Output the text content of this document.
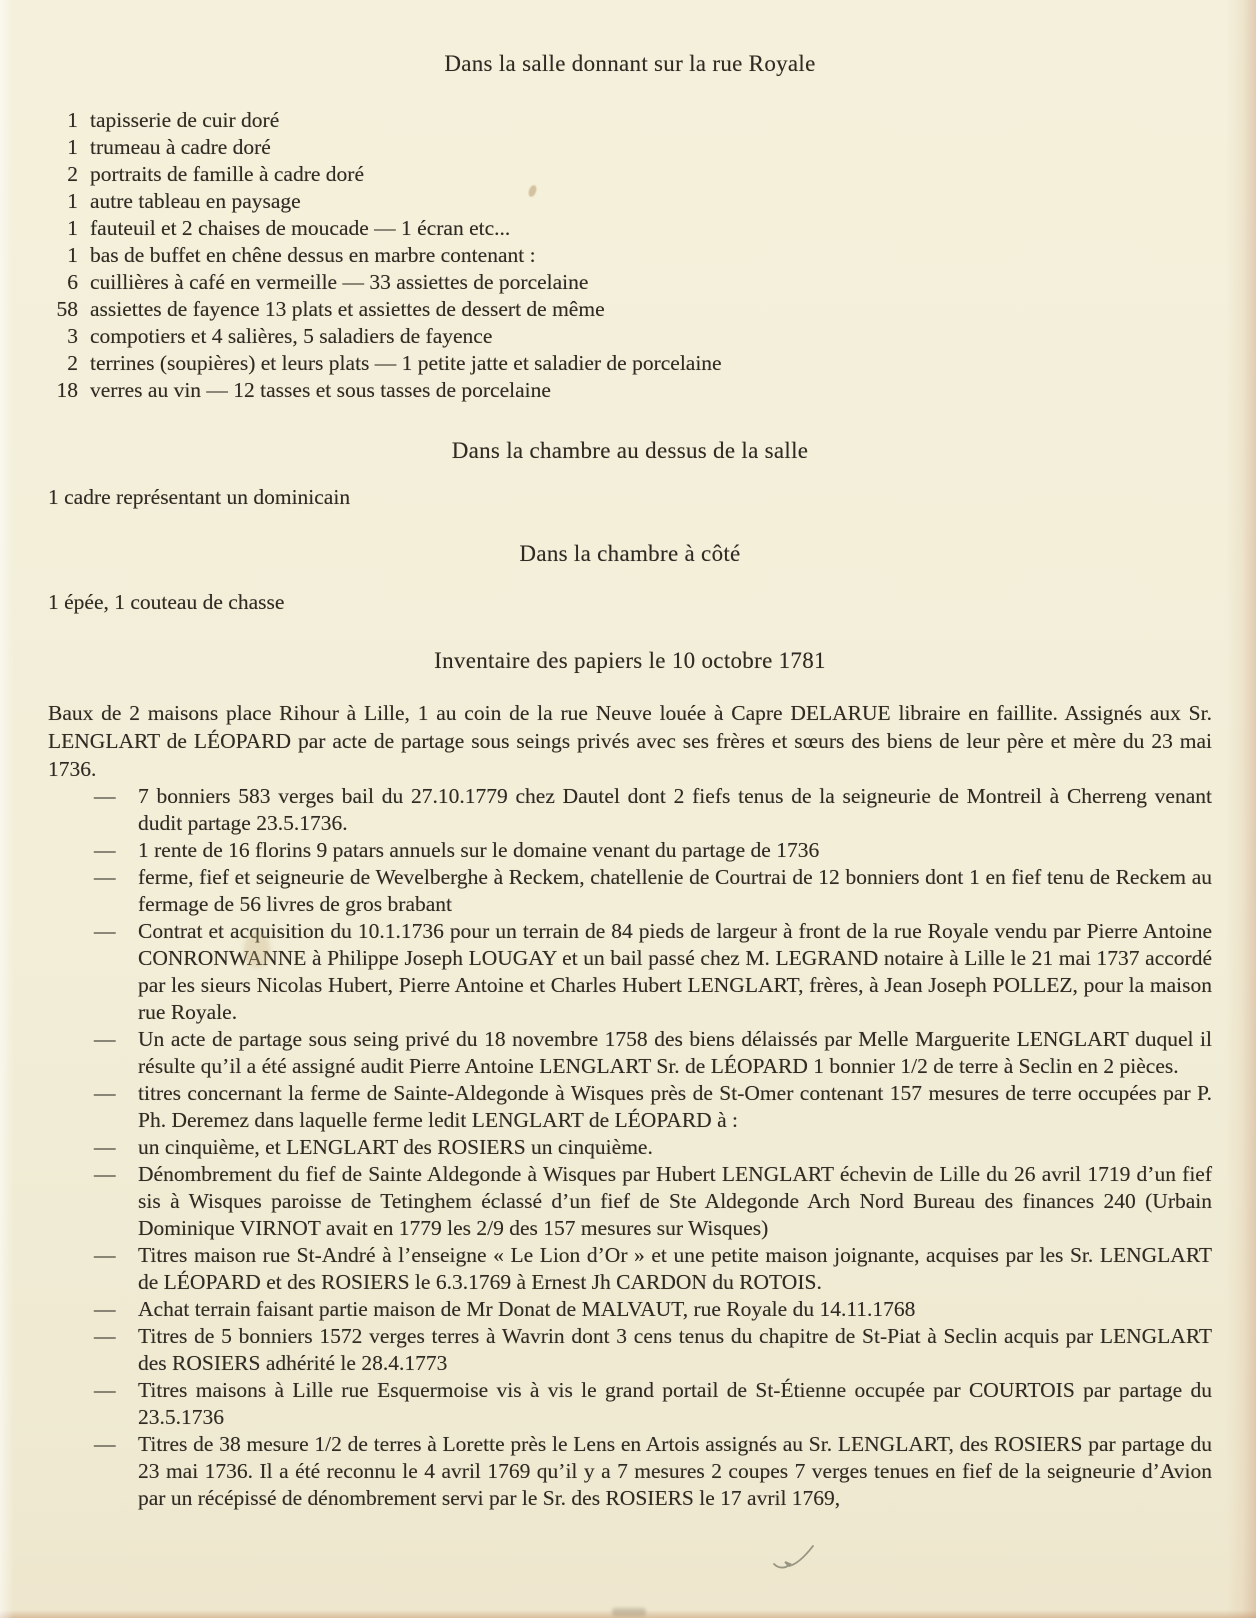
Dans la salle donnant sur la rue Royale
1 tapisserie de cuir doré
1 trumeau à cadre doré
2 portraits de famille à cadre doré
1 autre tableau en paysage
1 fauteuil et 2 chaises de moucade — 1 écran etc...
1 bas de buffet en chêne dessus en marbre contenant :
6 cuillières à café en vermeille — 33 assiettes de porcelaine
58 assiettes de fayence 13 plats et assiettes de dessert de même
3 compotiers et 4 salières, 5 saladiers de fayence
2 terrines (soupières) et leurs plats — 1 petite jatte et saladier de porcelaine
18 verres au vin — 12 tasses et sous tasses de porcelaine
Dans la chambre au dessus de la salle

1 cadre représentant un dominicain

Dans la chambre à côté

1 épée, 1 couteau de chasse

Inventaire des papiers le 10 octobre 1781

Baux de 2 maisons place Rihour à Lille, 1 au coin de la rue Neuve louée à Capre DELARUE libraire en faillite. Assignés aux Sr. LENGLART de LÉOPARD par acte de partage sous seings privés avec ses frères et sœurs des biens de leur père et mère du 23 mai 1736.

—	7 bonniers 583 verges bail du 27.10.1779 chez Dautel dont 2 fiefs tenus de la seigneurie de Montreil à Cherreng venant dudit partage 23.5.1736.
—	1 rente de 16 florins 9 patars annuels sur le domaine venant du partage de 1736
—	ferme, fief et seigneurie de Wevelberghe à Reckem, chatellenie de Courtrai de 12 bonniers dont 1 en fief tenu de Reckem au fermage de 56 livres de gros brabant
—	Contrat et acquisition du 10.1.1736 pour un terrain de 84 pieds de largeur à front de la rue Royale vendu par Pierre Antoine CONRONWANNE à Philippe Joseph LOUGAY et un bail passé chez M. LEGRAND notaire à Lille le 21 mai 1737 accordé par les sieurs Nicolas Hubert, Pierre Antoine et Charles Hubert LENGLART, frères, à Jean Joseph POLLEZ, pour la maison rue Royale.
—	Un acte de partage sous seing privé du 18 novembre 1758 des biens délaissés par Melle Marguerite LENGLART duquel il résulte qu’il a été assigné audit Pierre Antoine LENGLART Sr. de LÉOPARD 1 bonnier 1/2 de terre à Seclin en 2 pièces.
—	titres concernant la ferme de Sainte-Aldegonde à Wisques près de St-Omer contenant 157 mesures de terre occupées par P. Ph. Deremez dans laquelle ferme ledit LENGLART de LÉOPARD à :
—	un cinquième, et LENGLART des ROSIERS un cinquième.
—	Dénombrement du fief de Sainte Aldegonde à Wisques par Hubert LENGLART échevin de Lille du 26 avril 1719 d’un fief sis à Wisques paroisse de Tetinghem éclassé d’un fief de Ste Aldegonde Arch Nord Bureau des finances 240 (Urbain Dominique VIRNOT avait en 1779 les 2/9 des 157 mesures sur Wisques)
—	Titres maison rue St-André à l’enseigne « Le Lion d’Or » et une petite maison joignante, acquises par les Sr. LENGLART de LÉOPARD et des ROSIERS le 6.3.1769 à Ernest Jh CARDON du ROTOIS.
—	Achat terrain faisant partie maison de Mr Donat de MALVAUT, rue Royale du 14.11.1768
—	Titres de 5 bonniers 1572 verges terres à Wavrin dont 3 cens tenus du chapitre de St-Piat à Seclin acquis par LENGLART des ROSIERS adhérité le 28.4.1773
—	Titres maisons à Lille rue Esquermoise vis à vis le grand portail de St-Étienne occupée par COURTOIS par partage du 23.5.1736
—	Titres de 38 mesure 1/2 de terres à Lorette près le Lens en Artois assignés au Sr. LENGLART, des ROSIERS par partage du 23 mai 1736. Il a été reconnu le 4 avril 1769 qu’il y a 7 mesures 2 coupes 7 verges tenues en fief de la seigneurie d’Avion par un récépissé de dénombrement servi par le Sr. des ROSIERS le 17 avril 1769,
